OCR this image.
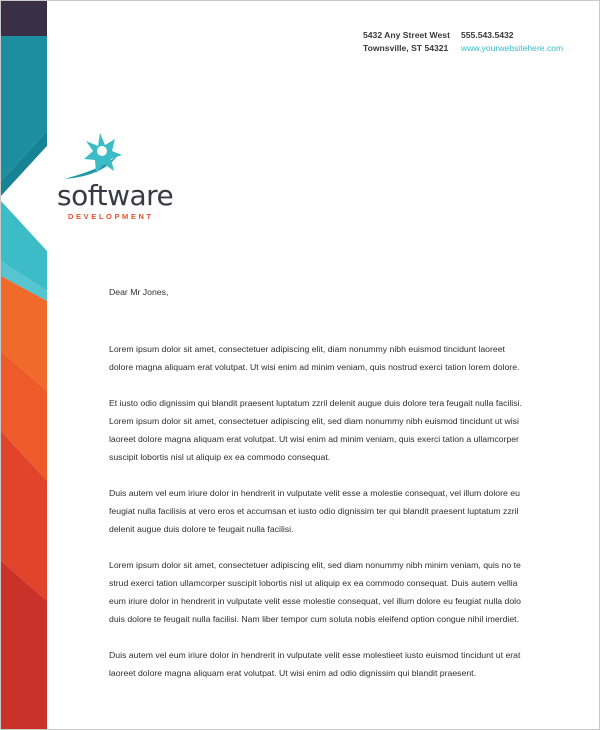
5432 Any Street West
Townsville, ST 54321
555.543.5432
www.yourwebsitehere.com
software
DEVELOPMENT

Dear Mr Jones,

Lorem ipsum dolor sit amet, consectetuer adipiscing elit, diam nonummy nibh euismod tincidunt laoreet dolore magna aliquam erat volutpat. Ut wisi enim ad minim veniam, quis nostrud exerci tation lorem dolore.

Et iusto odio dignissim qui blandit praesent luptatum zzril delenit augue duis dolore tera feugait nulla facilisi. Lorem ipsum dolor sit amet, consectetuer adipiscing elit, sed diam nonummy nibh euismod tincidunt ut wisi laoreet dolore magna aliquam erat volutpat. Ut wisi enim ad minim veniam, quis exerci tation a ullamcorper suscipit lobortis nisl ut aliquip ex ea commodo consequat.

Duis autem vel eum iriure dolor in hendrerit in vulputate velit esse a molestie consequat, vel illum dolore eu feugiat nulla facilisis at vero eros et accumsan et iusto odio dignissim ter qui blandit praesent luptatum zzril delenit augue duis dolore te feugait nulla facilisi.

Lorem ipsum dolor sit amet, consectetuer adipiscing elit, sed diam nonummy nibh minim veniam, quis no te strud exerci tation ullamcorper suscipit lobortis nisl ut aliquip ex ea commodo consequat. Duis autem vellia eum iriure dolor in hendrerit in vulputate velit esse molestie consequat, vel illum dolore eu feugiat nulla dolo duis dolore te feugait nulla facilisi. Nam liber tempor cum soluta nobis eleifend option congue nihil imerdiet.

Duis autem vel eum iriure dolor in hendrerit in vulputate velit esse molestieet iusto euismod tincidunt ut erat laoreet dolore magna aliquam erat volutpat. Ut wisi enim ad odio dignissim qui blandit praesent.
